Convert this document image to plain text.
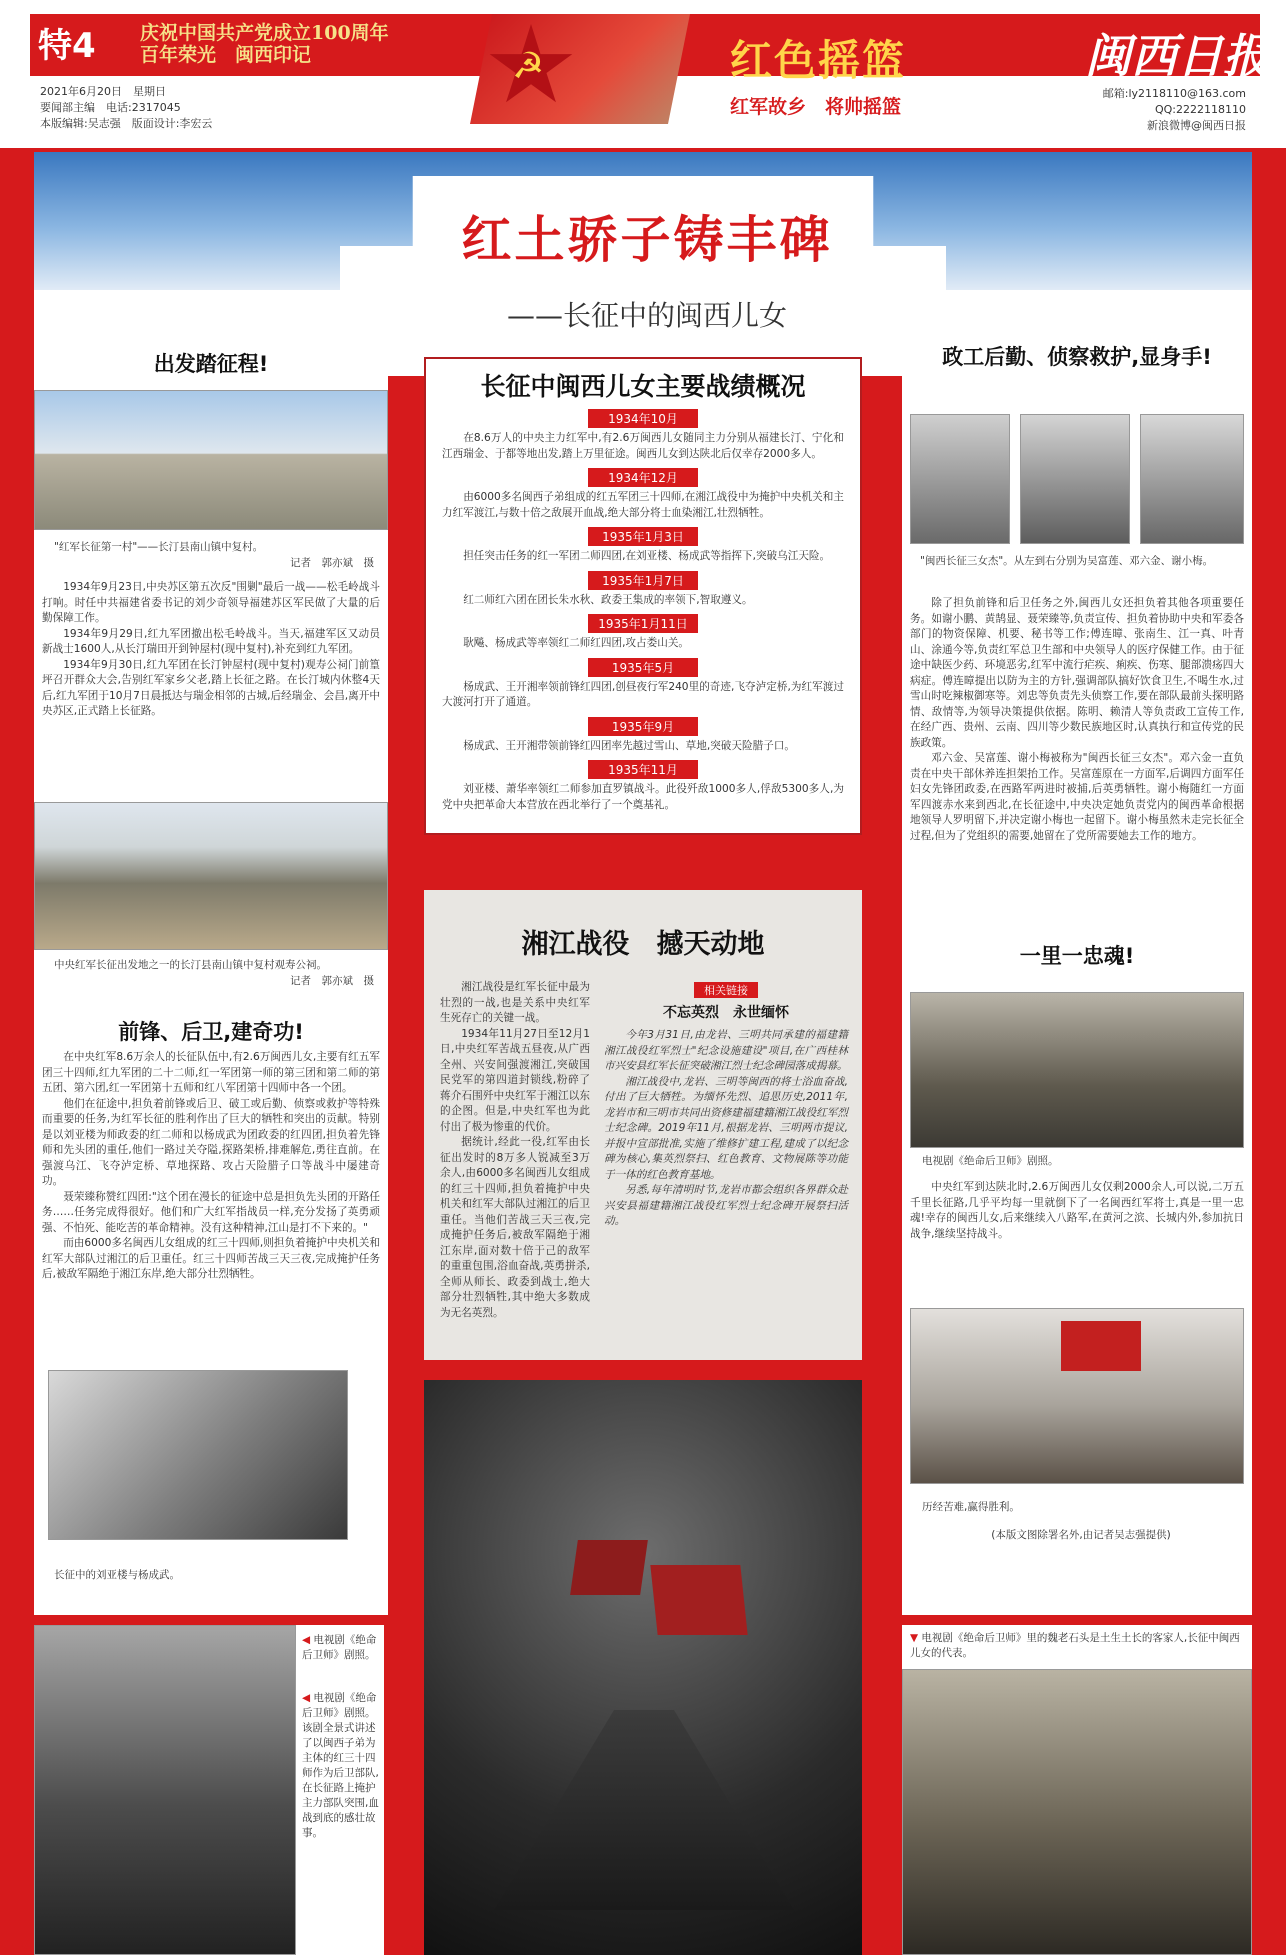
特4 庆祝中国共产党成立100周年
百年荣光　闽西印记	☭	红色摇篮
红军故乡　将帅摇篮
闽西日报
2021年6月20日　星期日
要闻部主编　电话:2317045
本版编辑:吴志强　版面设计:李宏云
邮箱:ly2118110@163.com
QQ:2222118110
新浪微博@闽西日报
红土骄子铸丰碑
——长征中的闽西儿女
出发踏征程!
"红军长征第一村"——长汀县南山镇中复村。
记者　郭亦斌　摄

1934年9月23日,中央苏区第五次反"围剿"最后一战——松毛岭战斗打响。时任中共福建省委书记的刘少奇领导福建苏区军民做了大量的后勤保障工作。

1934年9月29日,红九军团撤出松毛岭战斗。当天,福建军区又动员新战士1600人,从长汀瑞田开到钟屋村(现中复村),补充到红九军团。

1934年9月30日,红九军团在长汀钟屋村(现中复村)观寿公祠门前篁坪召开群众大会,告别红军家乡父老,踏上长征之路。在长汀城内休整4天后,红九军团于10月7日晨抵达与瑞金相邻的古城,后经瑞金、会昌,离开中央苏区,正式踏上长征路。

中央红军长征出发地之一的长汀县南山镇中复村观寿公祠。
记者　郭亦斌　摄
前锋、后卫,建奇功!

在中央红军8.6万余人的长征队伍中,有2.6万闽西儿女,主要有红五军团三十四师,红九军团的二十二师,红一军团第一师的第三团和第二师的第五团、第六团,红一军团第十五师和红八军团第十四师中各一个团。

他们在征途中,担负着前锋或后卫、破工或后勤、侦察或救护等特殊而重要的任务,为红军长征的胜利作出了巨大的牺牲和突出的贡献。特别是以刘亚楼为师政委的红二师和以杨成武为团政委的红四团,担负着先锋师和先头团的重任,他们一路过关夺隘,探路架桥,排难解危,勇往直前。在强渡乌江、飞夺泸定桥、草地探路、攻占天险腊子口等战斗中屡建奇功。

聂荣臻称赞红四团:"这个团在漫长的征途中总是担负先头团的开路任务……任务完成得很好。他们和广大红军指战员一样,充分发扬了英勇顽强、不怕死、能吃苦的革命精神。没有这种精神,江山是打不下来的。"

而由6000多名闽西儿女组成的红三十四师,则担负着掩护中央机关和红军大部队过湘江的后卫重任。红三十四师苦战三天三夜,完成掩护任务后,被敌军隔绝于湘江东岸,绝大部分壮烈牺牲。

长征中的刘亚楼与杨成武。
长征中闽西儿女主要战绩概况
1934年10月

在8.6万人的中央主力红军中,有2.6万闽西儿女随同主力分别从福建长汀、宁化和江西瑞金、于都等地出发,踏上万里征途。闽西儿女到达陕北后仅幸存2000多人。

1934年12月

由6000多名闽西子弟组成的红五军团三十四师,在湘江战役中为掩护中央机关和主力红军渡江,与数十倍之敌展开血战,绝大部分将士血染湘江,壮烈牺牲。

1935年1月3日

担任突击任务的红一军团二师四团,在刘亚楼、杨成武等指挥下,突破乌江天险。

1935年1月7日

红二师红六团在团长朱水秋、政委王集成的率领下,智取遵义。

1935年1月11日

耿飚、杨成武等率领红二师红四团,攻占娄山关。

1935年5月

杨成武、王开湘率领前锋红四团,创昼夜行军240里的奇迹,飞夺泸定桥,为红军渡过大渡河打开了通道。

1935年9月

杨成武、王开湘带领前锋红四团率先越过雪山、草地,突破天险腊子口。

1935年11月

刘亚楼、萧华率领红二师参加直罗镇战斗。此役歼敌1000多人,俘敌5300多人,为党中央把革命大本营放在西北举行了一个奠基礼。

湘江战役　撼天动地

湘江战役是红军长征中最为壮烈的一战,也是关系中央红军生死存亡的关键一战。

1934年11月27日至12月1日,中央红军苦战五昼夜,从广西全州、兴安间强渡湘江,突破国民党军的第四道封锁线,粉碎了蒋介石围歼中央红军于湘江以东的企图。但是,中央红军也为此付出了极为惨重的代价。

据统计,经此一役,红军由长征出发时的8万多人锐减至3万余人,由6000多名闽西儿女组成的红三十四师,担负着掩护中央机关和红军大部队过湘江的后卫重任。当他们苦战三天三夜,完成掩护任务后,被敌军隔绝于湘江东岸,面对数十倍于己的敌军的重重包围,浴血奋战,英勇拼杀,全师从师长、政委到战士,绝大部分壮烈牺牲,其中绝大多数成为无名英烈。

相关链接
不忘英烈　永世缅怀

今年3月31日,由龙岩、三明共同承建的福建籍湘江战役红军烈士"纪念设施建设"项目,在广西桂林市兴安县红军长征突破湘江烈士纪念碑园落成揭幕。

湘江战役中,龙岩、三明等闽西的将士浴血奋战,付出了巨大牺牲。为缅怀先烈、追思历史,2011年,龙岩市和三明市共同出资修建福建籍湘江战役红军烈士纪念碑。2019年11月,根据龙岩、三明两市提议,并报中宣部批准,实施了维修扩建工程,建成了以纪念碑为核心,集英烈祭扫、红色教育、文物展陈等功能于一体的红色教育基地。

另悉,每年清明时节,龙岩市都会组织各界群众赴兴安县福建籍湘江战役红军烈士纪念碑开展祭扫活动。

政工后勤、侦察救护,显身手!
"闽西长征三女杰"。从左到右分别为吴富莲、邓六金、谢小梅。

除了担负前锋和后卫任务之外,闽西儿女还担负着其他各项重要任务。如谢小鹏、黄鹄显、聂荣臻等,负责宣传、担负着协助中央和军委各部门的物资保障、机要、秘书等工作;傅连暲、张南生、江一真、叶青山、涂通今等,负责红军总卫生部和中央领导人的医疗保健工作。由于征途中缺医少药、环境恶劣,红军中流行疟疾、痢疾、伤寒、腿部溃疡四大病症。傅连暲提出以防为主的方针,强调部队搞好饮食卫生,不喝生水,过雪山时吃辣椒御寒等。刘忠等负责先头侦察工作,要在部队最前头探明路情、敌情等,为领导决策提供依据。陈明、赖清人等负责政工宣传工作,在经广西、贵州、云南、四川等少数民族地区时,认真执行和宣传党的民族政策。

邓六金、吴富莲、谢小梅被称为"闽西长征三女杰"。邓六金一直负责在中央干部休养连担架抬工作。吴富莲原在一方面军,后调四方面军任妇女先锋团政委,在西路军两进时被捕,后英勇牺牲。谢小梅随红一方面军四渡赤水来到西北,在长征途中,中央决定她负责党内的闽西革命根据地领导人罗明留下,并决定谢小梅也一起留下。谢小梅虽然未走完长征全过程,但为了党组织的需要,她留在了党所需要她去工作的地方。

一里一忠魂!
电视剧《绝命后卫师》剧照。

中央红军到达陕北时,2.6万闽西儿女仅剩2000余人,可以说,二万五千里长征路,几乎平均每一里就倒下了一名闽西红军将士,真是一里一忠魂!幸存的闽西儿女,后来继续入八路军,在黄河之滨、长城内外,参加抗日战争,继续坚持战斗。

历经苦难,赢得胜利。
(本版文图除署名外,由记者吴志强提供)
◀ 电视剧《绝命后卫师》剧照。
◀ 电视剧《绝命后卫师》剧照。该剧全景式讲述了以闽西子弟为主体的红三十四师作为后卫部队,在长征路上掩护主力部队突围,血战到底的感壮故事。
▼ 电视剧《绝命后卫师》里的魏老石头是土生土长的客家人,长征中闽西儿女的代表。
